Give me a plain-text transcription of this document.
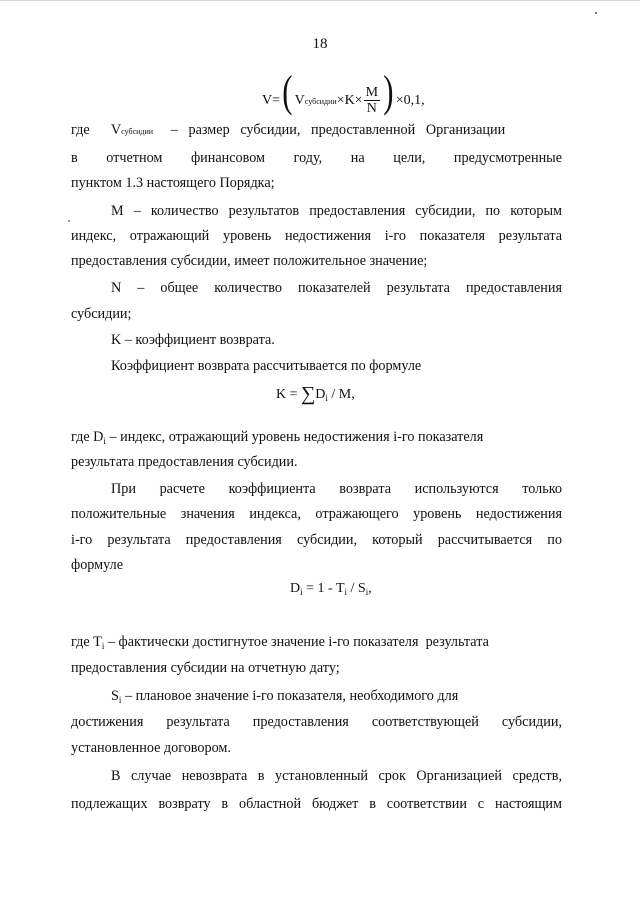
18
V=( Vсубсидии×K× $\frac{M}{N}$ ) ×0,1,
где Vсубсидии –   размер   субсидии,   предоставленной   Организации
в отчетном финансовом году, на цели, предусмотренные
пунктом 1.3 настоящего Порядка;
M – количество результатов предоставления субсидии, по которым
индекс, отражающий уровень недостижения i-го показателя результата
предоставления субсидии, имеет положительное значение;
N – общее количество показателей результата предоставления
субсидии;
K – коэффициент возврата.
Коэффициент возврата рассчитывается по формуле
$K = \sum D_i / M$,
где $D_i$ – индекс, отражающий уровень недостижения i-го показателя
результата предоставления субсидии.
При расчете коэффициента возврата используются только
положительные значения индекса, отражающего уровень недостижения
i-го результата предоставления субсидии, который рассчитывается по
формуле
$D_i = 1 - T_i / S_i$,
где $T_i$ – фактически достигнутое значение i-го показателя  результата
предоставления субсидии на отчетную дату;
$S_i$ – плановое значение i-го показателя, необходимого для
достижения результата предоставления соответствующей субсидии,
установленное договором.
В случае невозврата в установленный срок Организацией средств,
подлежащих возврату в областной бюджет в соответствии с настоящим
